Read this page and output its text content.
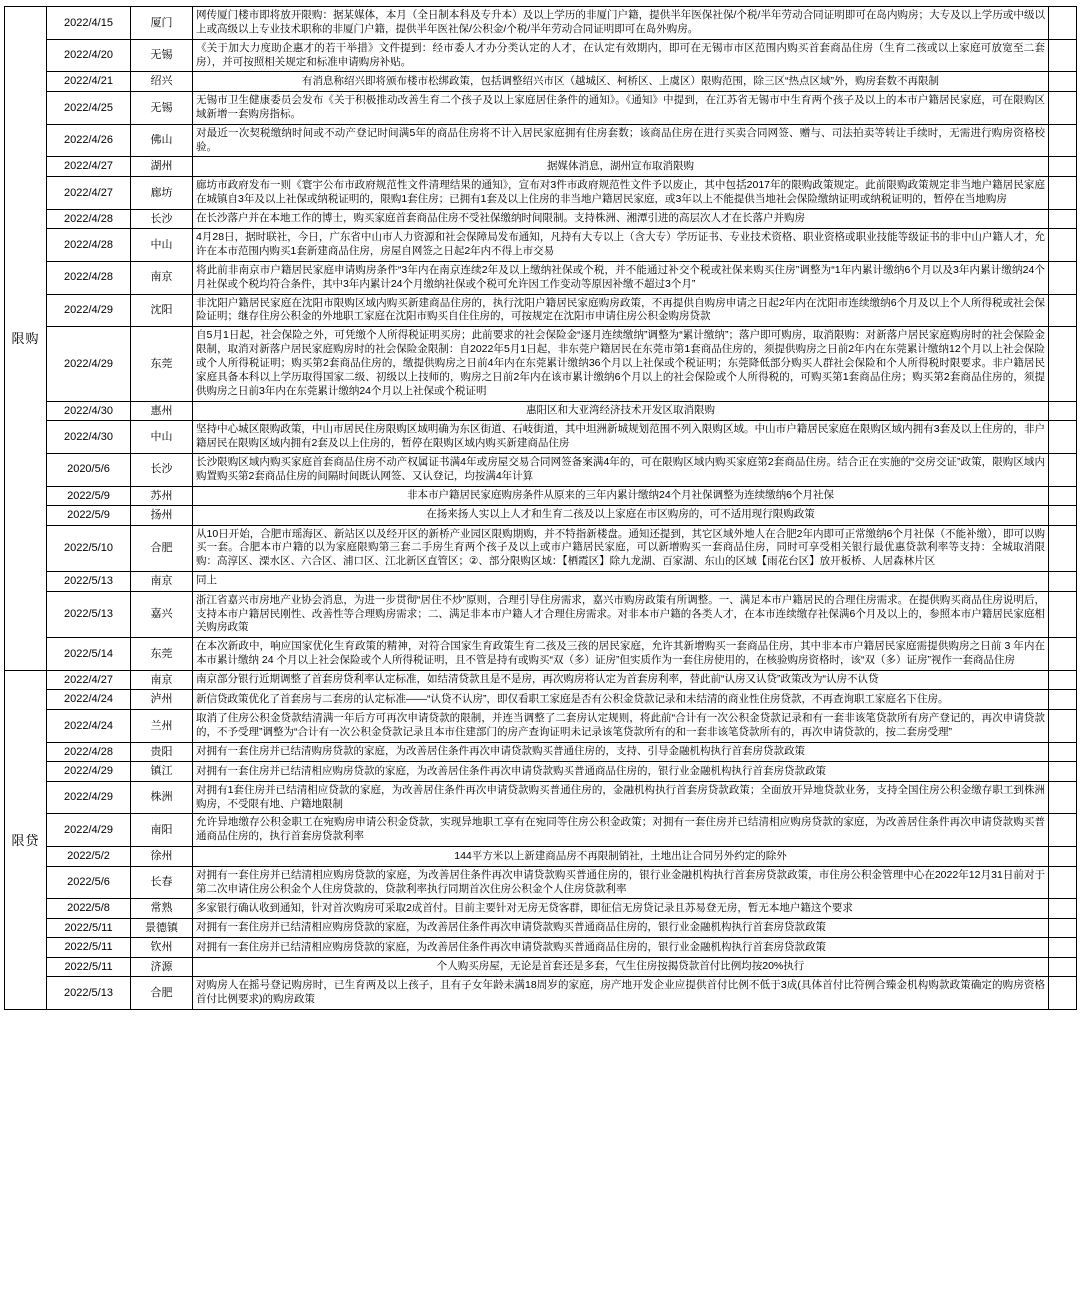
限购	2022/4/15	厦门	网传厦门楼市即将放开限购：据某媒体，本月（全日制本科及专升本）及以上学历的非厦门户籍，提供半年医保社保/个税/半年劳动合同证明即可在岛内购房；大专及以上学历或中级以上或高级以上专业技术职称的非厦门户籍，提供半年医社保/公积金/个税/半年劳动合同证明即可在岛外购房。	
	2022/4/20	无锡	《关于加大力度助企惠才的若干举措》文件提到：经市委人才办分类认定的人才，在认定有效期内，即可在无锡市市区范围内购买首套商品住房（生育二孩或以上家庭可放宽至二套房），并可按照相关规定和标准申请购房补贴。	
	2022/4/21	绍兴	有消息称绍兴即将颁布楼市松绑政策，包括调整绍兴市区（越城区、柯桥区、上虞区）限购范围，除三区“热点区域”外，购房套数不再限制	
	2022/4/25	无锡	无锡市卫生健康委员会发布《关于积极推动改善生育二个孩子及以上家庭居住条件的通知》。《通知》中提到，在江苏省无锡市中生育两个孩子及以上的本市户籍居民家庭，可在限购区域新增一套购房指标。	
	2022/4/26	佛山	对最近一次契税缴纳时间或不动产登记时间满5年的商品住房将不计入居民家庭拥有住房套数；该商品住房在进行买卖合同网签、赠与、司法拍卖等转让手续时，无需进行购房资格校验。	
	2022/4/27	湖州	据媒体消息，湖州宣布取消限购	
	2022/4/27	廊坊	廊坊市政府发布一则《寰宇公布市政府规范性文件清理结果的通知》，宣布对3件市政府规范性文件予以废止，其中包括2017年的限购政策规定。此前限购政策规定非当地户籍居民家庭在城镇自3年及以上社保或纳税证明的，限购1套住房；已拥有1套及以上住房的非当地户籍居民家庭，或3年以上不能提供当地社会保险缴纳证明或纳税证明的，暂停在当地购房	
	2022/4/28	长沙	在长沙落户并在本地工作的博士，购买家庭首套商品住房不受社保缴纳时间限制。支持株洲、湘潭引进的高层次人才在长落户并购房	
	2022/4/28	中山	4月28日，据时联社，今日，广东省中山市人力资源和社会保障局发布通知，凡持有大专以上（含大专）学历证书、专业技术资格、职业资格或职业技能等级证书的非中山户籍人才，允许在本市范围内购买1套新建商品住房，房屋自网签之日起2年内不得上市交易	
	2022/4/28	南京	将此前非南京市户籍居民家庭申请购房条件“3年内在南京连续2年及以上缴纳社保或个税，并不能通过补交个税或社保来购买住房”调整为“1年内累计缴纳6个月以及3年内累计缴纳24个月社保或个税均符合条件，其中3年内累计24个月缴纳社保或个税可允许因工作变动等原因补缴不超过3个月”	
	2022/4/29	沈阳	非沈阳户籍居民家庭在沈阳市限购区域内购买新建商品住房的，执行沈阳户籍居民家庭购房政策，不再提供自购房申请之日起2年内在沈阳市连续缴纳6个月及以上个人所得税或社会保险证明；继存住房公积金的外地职工家庭在沈阳市购买自住住房的，可按规定在沈阳市申请住房公积金购房贷款	
	2022/4/29	东莞	自5月1日起，社会保险之外，可凭缴个人所得税证明买房；此前要求的社会保险金“逐月连续缴纳”调整为“累计缴纳”；落户即可购房，取消限购：对新落户居民家庭购房时的社会保险金限制，取消对新落户居民家庭购房时的社会保险金限制：自2022年5月1日起，非东莞户籍居民在东莞市第1套商品住房的，须提供购房之日前2年内在东莞累计缴纳12个月以上社会保险或个人所得税证明；购买第2套商品住房的，缴提供购房之日前4年内在东莞累计缴纳36个月以上社保或个税证明；东莞降低部分购买人群社会保险和个人所得税时限要求。非户籍居民家庭具备本科以上学历取得国家二级、初级以上技师的，购房之日前2年内在该市累计缴纳6个月以上的社会保险或个人所得税的，可购买第1套商品住房；购买第2套商品住房的，须提供购房之日前3年内在东莞累计缴纳24个月以上社保或个税证明	
	2022/4/30	惠州	惠阳区和大亚湾经济技术开发区取消限购	
	2022/4/30	中山	坚持中心城区限购政策，中山市居民住房限购区域明确为东区街道、石岐街道，其中坦洲新城规划范围不列入限购区域。中山市户籍居民家庭在限购区域内拥有3套及以上住房的，非户籍居民在限购区域内拥有2套及以上住房的，暂停在限购区域内购买新建商品住房	
	2020/5/6	长沙	长沙限购区域内购买家庭首套商品住房不动产权属证书满4年或房屋交易合同网签备案满4年的，可在限购区域内购买家庭第2套商品住房。结合正在实施的“交房交证”政策，限购区域内购置购买第2套商品住房的间隔时间既认网签、又认登记，均按满4年计算	
	2022/5/9	苏州	非本市户籍居民家庭购房条件从原来的三年内累计缴纳24个月社保调整为连续缴纳6个月社保	
	2022/5/9	扬州	在扬来扬人实以上人才和生育二孩及以上家庭在市区购房的，可不适用现行限购政策	
	2022/5/10	合肥	从10日开始，合肥市瑶海区、新站区以及经开区的新桥产业园区限购期购，并不特指新楼盘。通知还提到，其它区域外地人在合肥2年内即可正常缴纳6个月社保（不能补缴），即可以购买一套。合肥本市户籍的以为家庭限购第三套二手房生育两个孩子及以上或市户籍居民家庭，可以新增购买一套商品住房，同时可享受相关银行最优惠贷款利率等支持：全城取消限购：高淳区、溧水区、六合区、浦口区、江北新区直管区；②、部分限购区域：【栖霞区】除九龙湖、百家湖、东山的区域【雨花台区】放开板桥、人居森林片区	
	2022/5/13	南京	同上	
	2022/5/13	嘉兴	浙江省嘉兴市房地产业协会消息，为进一步贯彻“居住不炒”原则，合理引导住房需求，嘉兴市购房政策有所调整。一、满足本市户籍居民的合理住房需求。在提供购买商品住房说明后，支持本市户籍居民刚性、改善性等合理购房需求；二、满足非本市户籍人才合理住房需求。对非本市户籍的各类人才，在本市连续缴存社保满6个月及以上的，参照本市户籍居民家庭相关购房政策	
	2022/5/14	东莞	在本次新政中，响应国家优化生育政策的精神，对符合国家生育政策生育二孩及三孩的居民家庭，允许其新增购买一套商品住房，其中非本市户籍居民家庭需提供购房之日前 3 年内在本市累计缴纳 24 个月以上社会保险或个人所得税证明，且不管是持有或购买“双（多）证房”但实质作为一套住房使用的，在核验购房资格时，该“双（多）证房”视作一套商品住房	
限贷	2022/4/27	南京	南京部分银行近期调整了首套房贷利率认定标准，如结清贷款且是不是房，再次购房将认定为首套房利率，替此前“认房又认贷”政策改为“认房不认贷	
	2022/4/24	泸州	新信贷政策优化了首套房与二套房的认定标准——“认贷不认房”，即仅看职工家庭是否有公积金贷款记录和未结清的商业性住房贷款，不再查询职工家庭名下住房。	
	2022/4/24	兰州	取消了住房公积金贷款结清满一年后方可再次申请贷款的限制，并连当调整了二套房认定规则，将此前“合计有一次公积金贷款记录和有一套非该笔贷款所有房产登记的，再次申请贷款的，不予受理”调整为“合计有一次公积金贷款记录且本市住建部门的房产查询证明未记录该笔贷款所有的和一套非该笔贷款所有的，再次申请贷款的，按二套房受理”	
	2022/4/28	贵阳	对拥有一套住房并已结清购房贷款的家庭，为改善居住条件再次申请贷款购买普通住房的，支持、引导金融机构执行首套房贷款政策	
	2022/4/29	镇江	对拥有一套住房并已结清相应购房贷款的家庭，为改善居住条件再次申请贷款购买普通商品住房的，银行业金融机构执行首套房贷款政策	
	2022/4/29	株洲	对拥有1套住房并已结清相应贷款的家庭，为改善居住条件再次申请贷款购买普通住房的，金融机构执行首套房贷款政策；全面放开异地贷款业务，支持全国住房公积金缴存职工到株洲购房，不受限有地、户籍地限制	
	2022/4/29	南阳	允许异地缴存公积金职工在宛购房申请公积金贷款，实现异地职工享有在宛同等住房公积金政策；对拥有一套住房并已结清相应购房贷款的家庭，为改善居住条件再次申请贷款购买普通商品住房的，执行首套房贷款利率	
	2022/5/2	徐州	144平方米以上新建商品房不再限制销社，土地出让合同另外约定的除外	
	2022/5/6	长春	对拥有一套住房并已结清相应购房贷款的家庭，为改善居住条件再次申请贷款购买普通住房的，银行业金融机构执行首套房贷款政策，市住房公积金管理中心在2022年12月31日前对于第二次申请住房公积金个人住房贷款的，贷款利率执行同期首次住房公积金个人住房贷款利率	
	2022/5/8	常熟	多家银行确认收到通知，针对首次购房可采取2成首付。目前主要针对无房无贷客群，即征信无房贷记录且苏易登无房，暂无本地户籍这个要求	
	2022/5/11	景德镇	对拥有一套住房并已结清相应购房贷款的家庭，为改善居住条件再次申请贷款购买普通商品住房的，银行业金融机构执行首套房贷款政策	
	2022/5/11	钦州	对拥有一套住房并已结清相应购房贷款的家庭，为改善居住条件再次申请贷款购买普通商品住房的，银行业金融机构执行首套房贷款政策	
	2022/5/11	济源	个人购买房屋，无论是首套还是多套，气生住房按揭贷款首付比例均按20%执行	
	2022/5/13	合肥	对购房人在摇号登记购房时，已生育两及以上孩子，且有子女年龄未满18周岁的家庭，房产地开发企业应提供首付比例不低于3成(具体首付比符例合臻金机构购款政策确定的购房资格首付比例要求)的购房政策	
